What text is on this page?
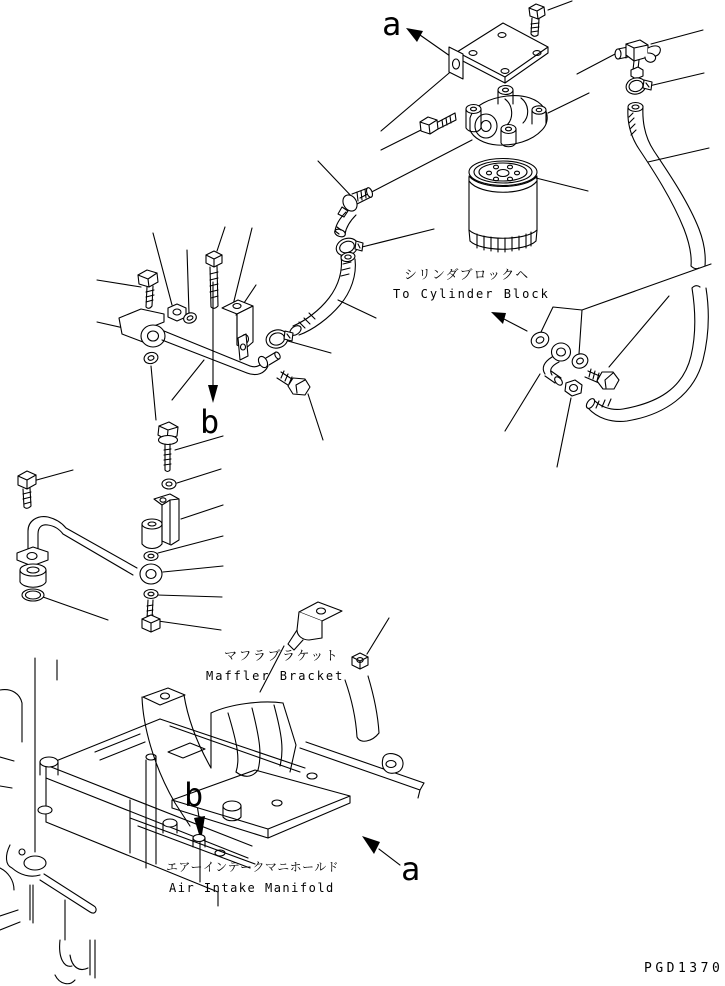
a
シリンダブロックヘ
To Cylinder Block
b
マフラブラケット
Maffler Bracket
b
a
エアーインテークマニホールド
Air Intake Manifold
PGD1370
